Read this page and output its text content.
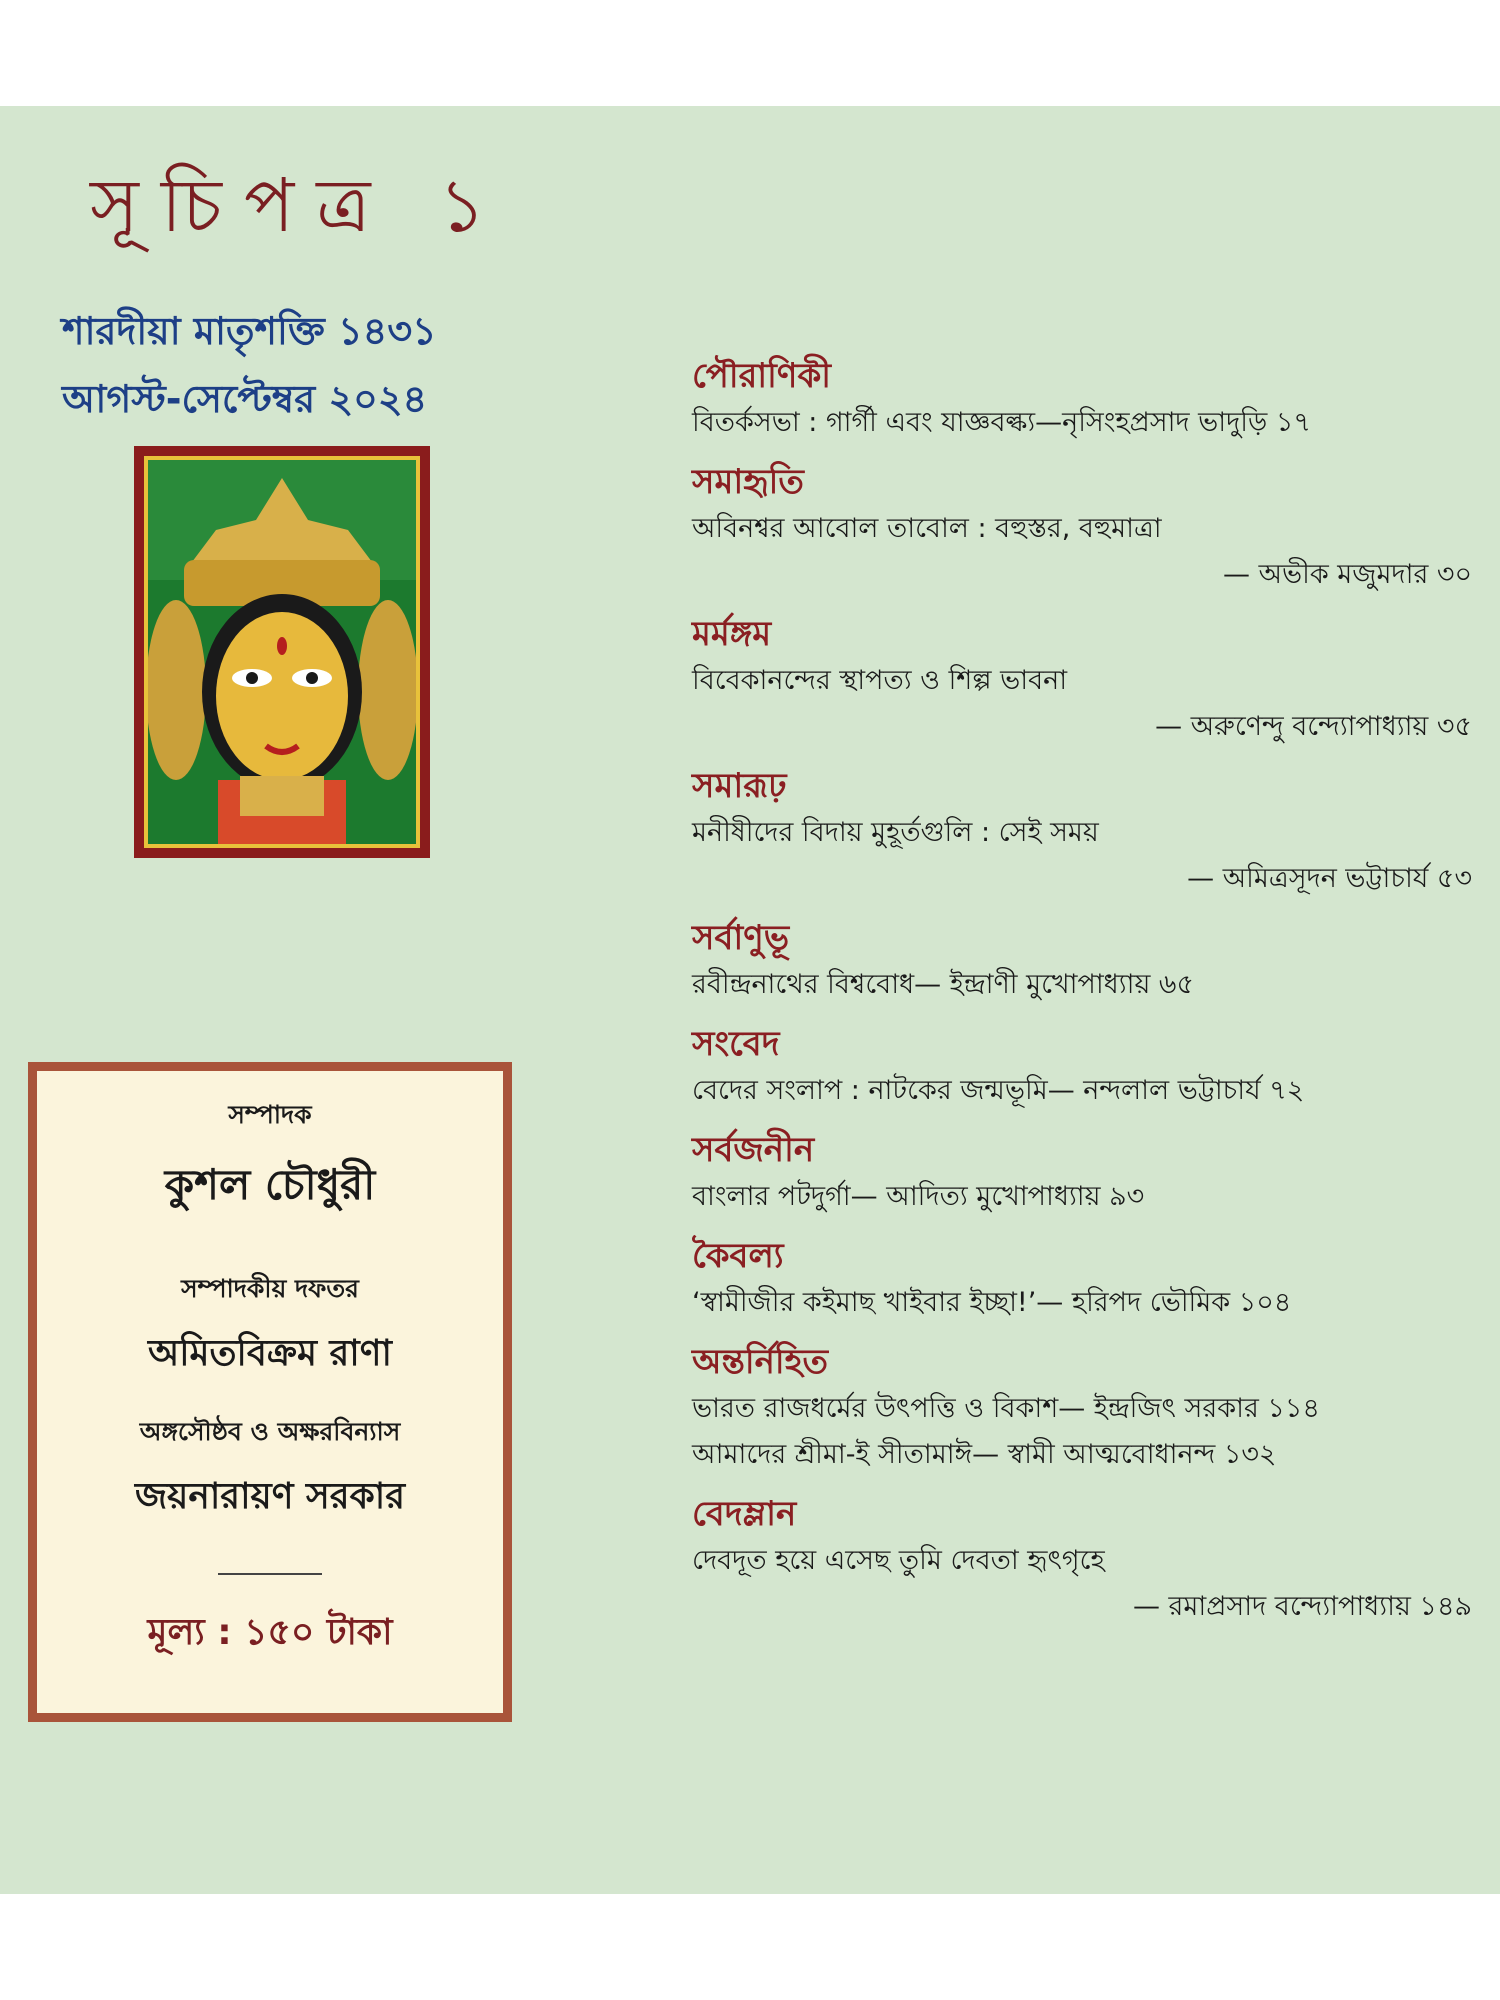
সূচিপত্র ১
শারদীয়া মাতৃশক্তি ১৪৩১
আগস্ট-সেপ্টেম্বর ২০২৪
সম্পাদক
কুশল চৌধুরী
সম্পাদকীয় দফতর
অমিতবিক্রম রাণা
অঙ্গসৌষ্ঠব ও অক্ষরবিন্যাস
জয়নারায়ণ সরকার
মূল্য : ১৫০ টাকা
পৌরাণিকী
বিতর্কসভা : গার্গী এবং যাজ্ঞবল্ক্য—নৃসিংহপ্রসাদ ভাদুড়ি ১৭
সমাহৃতি
অবিনশ্বর আবোল তাবোল : বহুস্তর, বহুমাত্রা
— অভীক মজুমদার ৩০
মর্মঙ্গম
বিবেকানন্দের স্থাপত্য ও শিল্প ভাবনা
— অরুণেন্দু বন্দ্যোপাধ্যায় ৩৫
সমারূঢ়
মনীষীদের বিদায় মুহূর্তগুলি : সেই সময়
— অমিত্রসূদন ভট্টাচার্য ৫৩
সর্বাণুভূ
রবীন্দ্রনাথের বিশ্ববোধ— ইন্দ্রাণী মুখোপাধ্যায় ৬৫
সংবেদ
বেদের সংলাপ : নাটকের জন্মভূমি— নন্দলাল ভট্টাচার্য ৭২
সর্বজনীন
বাংলার পটদুর্গা— আদিত্য মুখোপাধ্যায় ৯৩
কৈবল্য
‘স্বামীজীর কইমাছ খাইবার ইচ্ছা!’— হরিপদ ভৌমিক ১০৪
অন্তর্নিহিত
ভারত রাজধর্মের উৎপত্তি ও বিকাশ— ইন্দ্রজিৎ সরকার ১১৪
আমাদের শ্রীমা-ই সীতামাঈ— স্বামী আত্মবোধানন্দ ১৩২
বেদম্লান
দেবদূত হয়ে এসেছ তুমি দেবতা হৃৎগৃহে
— রমাপ্রসাদ বন্দ্যোপাধ্যায় ১৪৯
